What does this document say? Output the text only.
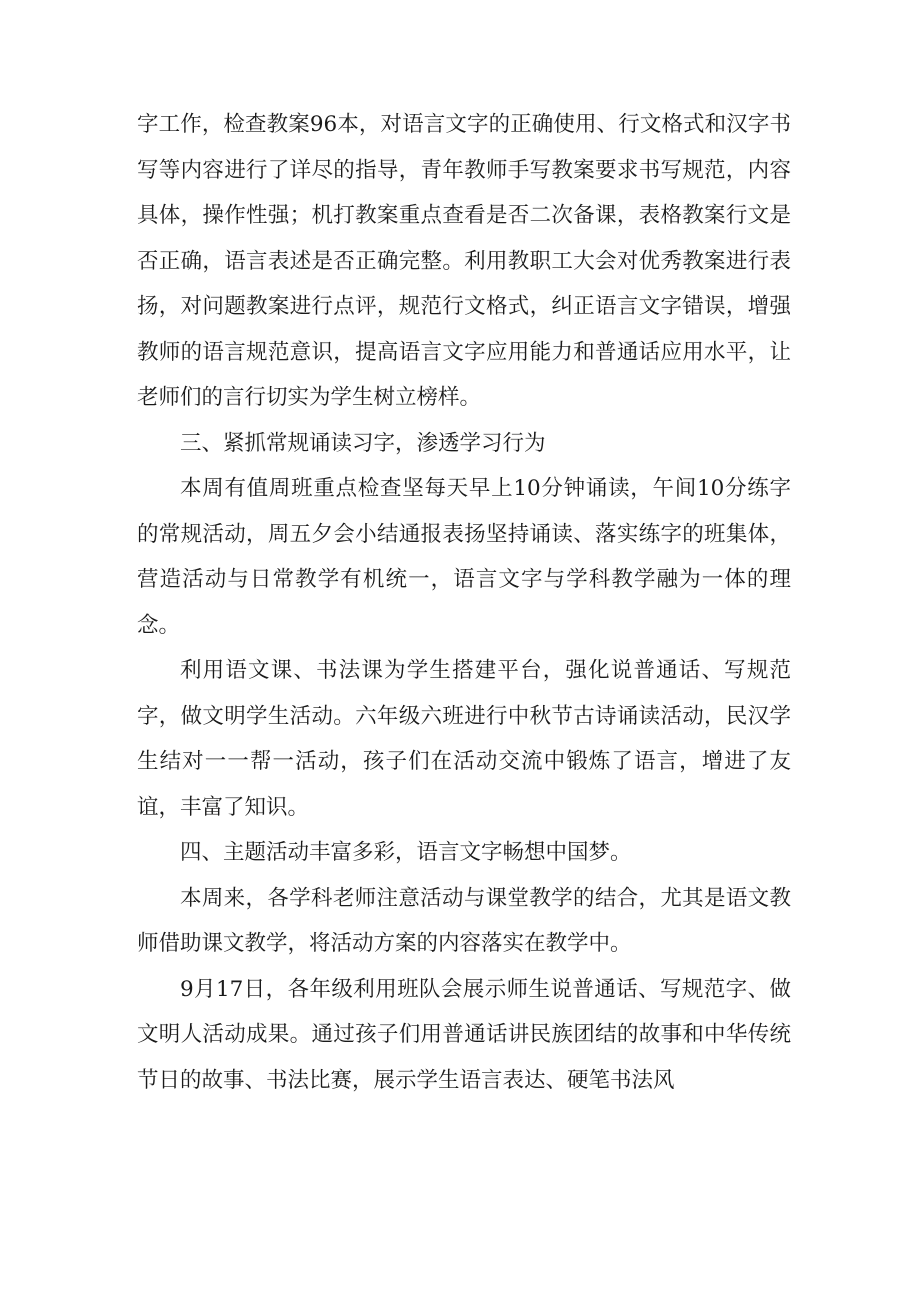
字工作，检查教案96本，对语言文字的正确使用、行文格式和汉字书写等内容进行了详尽的指导，青年教师手写教案要求书写规范，内容具体，操作性强；机打教案重点查看是否二次备课，表格教案行文是否正确，语言表述是否正确完整。利用教职工大会对优秀教案进行表扬，对问题教案进行点评，规范行文格式，纠正语言文字错误，增强教师的语言规范意识，提高语言文字应用能力和普通话应用水平，让老师们的言行切实为学生树立榜样。

三、紧抓常规诵读习字，渗透学习行为

本周有值周班重点检查坚每天早上10分钟诵读，午间10分练字的常规活动，周五夕会小结通报表扬坚持诵读、落实练字的班集体，营造活动与日常教学有机统一，语言文字与学科教学融为一体的理念。

利用语文课、书法课为学生搭建平台，强化说普通话、写规范字，做文明学生活动。六年级六班进行中秋节古诗诵读活动，民汉学生结对一一帮一活动，孩子们在活动交流中锻炼了语言，增进了友谊，丰富了知识。

四、主题活动丰富多彩，语言文字畅想中国梦。

本周来，各学科老师注意活动与课堂教学的结合，尤其是语文教师借助课文教学，将活动方案的内容落实在教学中。

9月17日，各年级利用班队会展示师生说普通话、写规范字、做文明人活动成果。通过孩子们用普通话讲民族团结的故事和中华传统节日的故事、书法比赛，展示学生语言表达、硬笔书法风
